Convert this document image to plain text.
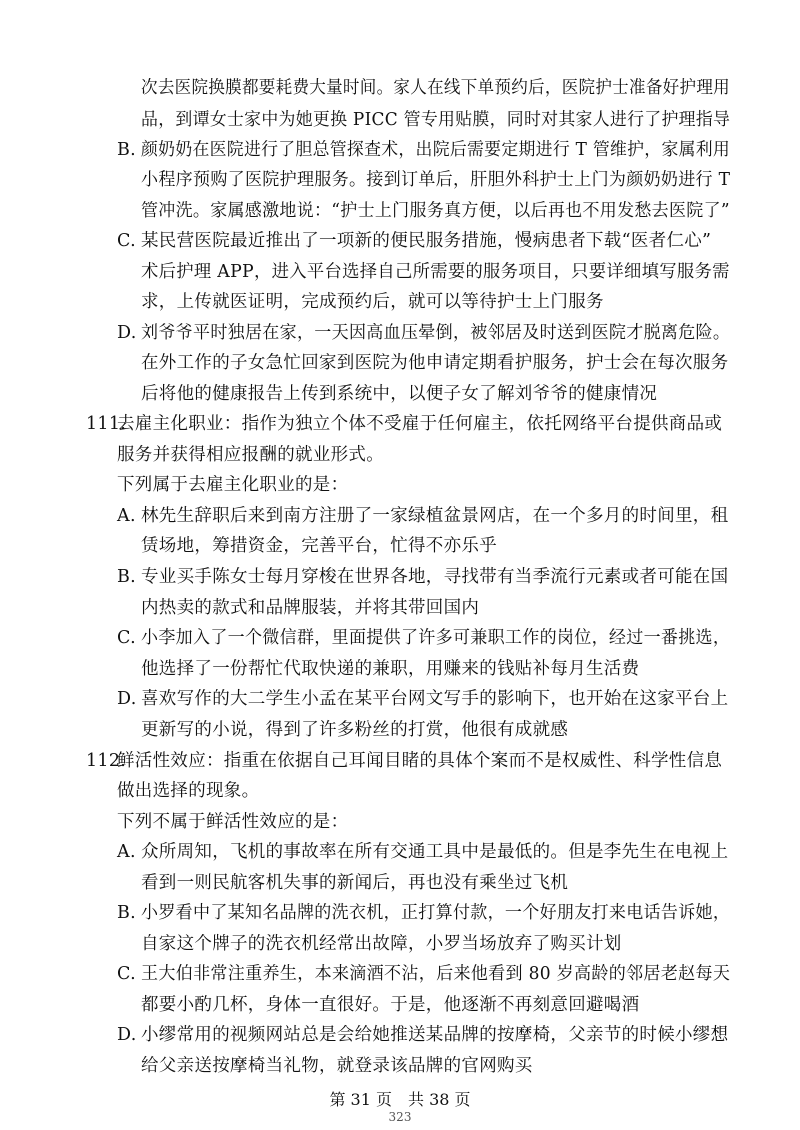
次去医院换膜都要耗费大量时间。家人在线下单预约后，医院护士准备好护理用
品，到谭女士家中为她更换 PICC 管专用贴膜，同时对其家人进行了护理指导
B. 颜奶奶在医院进行了胆总管探查术，出院后需要定期进行 T 管维护，家属利用
小程序预购了医院护理服务。接到订单后，肝胆外科护士上门为颜奶奶进行 T
管冲洗。家属感激地说：“护士上门服务真方便，以后再也不用发愁去医院了”
C. 某民营医院最近推出了一项新的便民服务措施，慢病患者下载“医者仁心”
术后护理 APP，进入平台选择自己所需要的服务项目，只要详细填写服务需
求，上传就医证明，完成预约后，就可以等待护士上门服务
D. 刘爷爷平时独居在家，一天因高血压晕倒，被邻居及时送到医院才脱离危险。
在外工作的子女急忙回家到医院为他申请定期看护服务，护士会在每次服务
后将他的健康报告上传到系统中，以便子女了解刘爷爷的健康情况
111.
去雇主化职业：指作为独立个体不受雇于任何雇主，依托网络平台提供商品或
服务并获得相应报酬的就业形式。
下列属于去雇主化职业的是：
A. 林先生辞职后来到南方注册了一家绿植盆景网店，在一个多月的时间里，租
赁场地，筹措资金，完善平台，忙得不亦乐乎
B. 专业买手陈女士每月穿梭在世界各地，寻找带有当季流行元素或者可能在国
内热卖的款式和品牌服装，并将其带回国内
C. 小李加入了一个微信群，里面提供了许多可兼职工作的岗位，经过一番挑选，
他选择了一份帮忙代取快递的兼职，用赚来的钱贴补每月生活费
D. 喜欢写作的大二学生小孟在某平台网文写手的影响下，也开始在这家平台上
更新写的小说，得到了许多粉丝的打赏，他很有成就感
112.
鲜活性效应：指重在依据自己耳闻目睹的具体个案而不是权威性、科学性信息
做出选择的现象。
下列不属于鲜活性效应的是：
A. 众所周知，飞机的事故率在所有交通工具中是最低的。但是李先生在电视上
看到一则民航客机失事的新闻后，再也没有乘坐过飞机
B. 小罗看中了某知名品牌的洗衣机，正打算付款，一个好朋友打来电话告诉她，
自家这个牌子的洗衣机经常出故障，小罗当场放弃了购买计划
C. 王大伯非常注重养生，本来滴酒不沾，后来他看到 80 岁高龄的邻居老赵每天
都要小酌几杯，身体一直很好。于是，他逐渐不再刻意回避喝酒
D. 小缪常用的视频网站总是会给她推送某品牌的按摩椅，父亲节的时候小缪想
给父亲送按摩椅当礼物，就登录该品牌的官网购买
第 31 页　共 38 页
323
